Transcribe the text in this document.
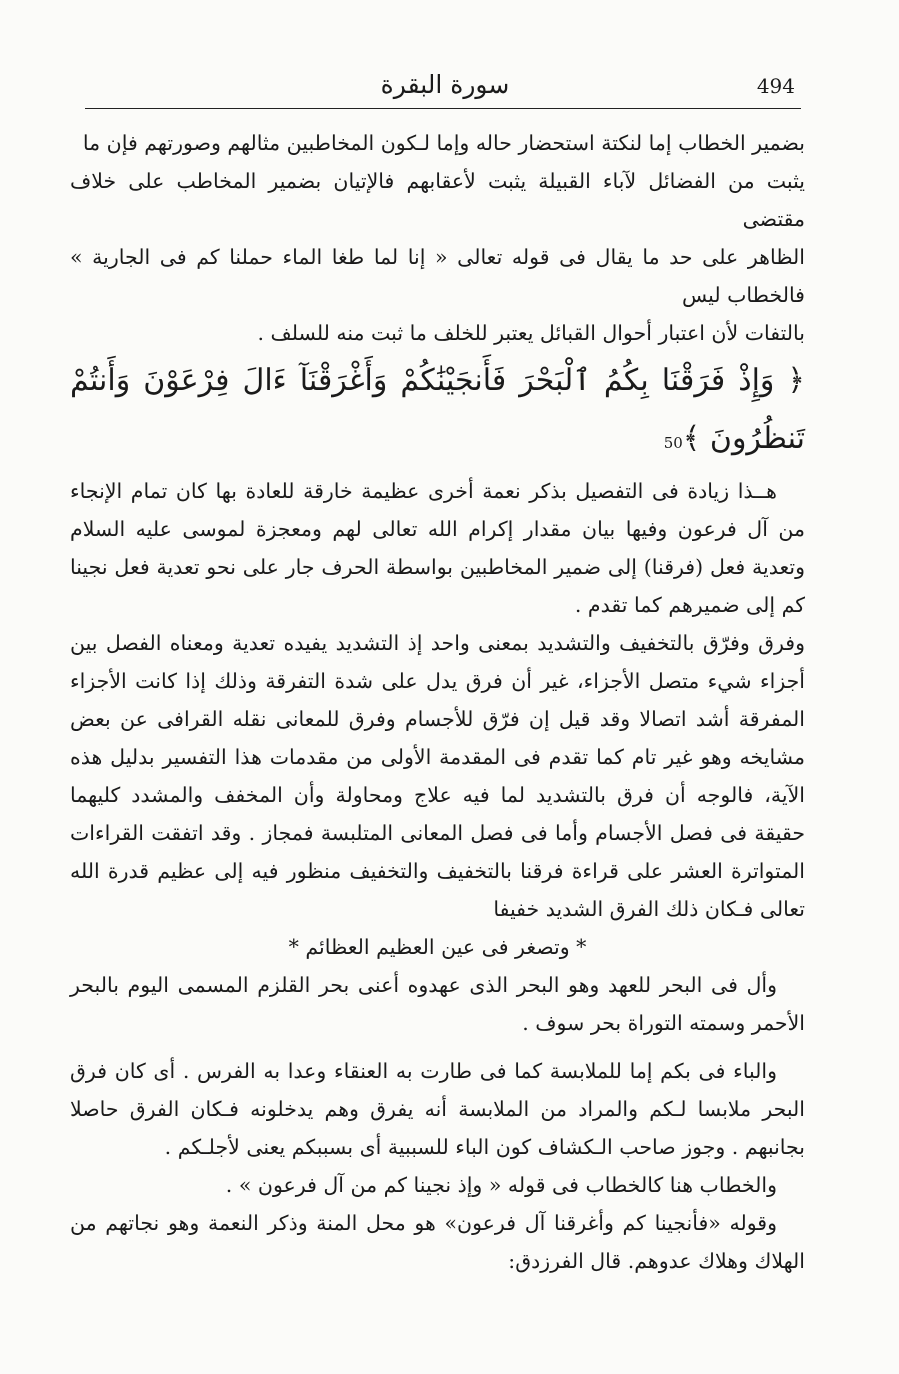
سورة البقرة	494

بضمير الخطاب إما لنكتة استحضار حاله وإما لـكون المخاطبين مثالهم وصورتهم فإن ما

يثبت من الفضائل لآباء القبيلة يثبت لأعقابهم فالإتيان بضمير المخاطب على خلاف مقتضى

الظاهر على حد ما يقال فى قوله تعالى « إنا لما طغا الماء حملنا كم فى الجارية » فالخطاب ليس

بالتفات لأن اعتبار أحوال القبائل يعتبر للخلف ما ثبت منه للسلف .

﴿ وَإِذْ فَرَقْنَا بِكُمُ ٱلْبَحْرَ فَأَنجَيْنَٰكُمْ وَأَغْرَقْنَآ ءَالَ فِرْعَوْنَ وَأَنتُمْ تَنظُرُونَ ﴾50

هــذا زيادة فى التفصيل بذكر نعمة أخرى عظيمة خارقة للعادة بها كان تمام الإنجاء من آل فرعون وفيها بيان مقدار إكرام الله تعالى لهم ومعجزة لموسى عليه السلام وتعدية فعل (فرقنا) إلى ضمير المخاطبين بواسطة الحرف جار على نحو تعدية فعل نجينا كم إلى ضميرهم كما تقدم .

وفرق وفرّق بالتخفيف والتشديد بمعنى واحد إذ التشديد يفيده تعدية ومعناه الفصل بين أجزاء شيء متصل الأجزاء، غير أن فرق يدل على شدة التفرقة وذلك إذا كانت الأجزاء المفرقة أشد اتصالا وقد قيل إن فرّق للأجسام وفرق للمعانى نقله القرافى عن بعض مشايخه وهو غير تام كما تقدم فى المقدمة الأولى من مقدمات هذا التفسير بدليل هذه الآية، فالوجه أن فرق بالتشديد لما فيه علاج ومحاولة وأن المخفف والمشدد كليهما حقيقة فى فصل الأجسام وأما فى فصل المعانى المتلبسة فمجاز . وقد اتفقت القراءات المتواترة العشر على قراءة فرقنا بالتخفيف والتخفيف منظور فيه إلى عظيم قدرة الله تعالى فـكان ذلك الفرق الشديد خفيفا

* وتصغر فى عين العظيم العظائم *

وأل فى البحر للعهد وهو البحر الذى عهدوه أعنى بحر القلزم المسمى اليوم بالبحر الأحمر وسمته التوراة بحر سوف .

والباء فى بكم إما للملابسة كما فى طارت به العنقاء وعدا به الفرس . أى كان فرق البحر ملابسا لـكم والمراد من الملابسة أنه يفرق وهم يدخلونه فـكان الفرق حاصلا بجانبهم . وجوز صاحب الـكشاف كون الباء للسببية أى بسببكم يعنى لأجلـكم .

والخطاب هنا كالخطاب فى قوله « وإذ نجينا كم من آل فرعون » .

وقوله «فأنجينا كم وأغرقنا آل فرعون» هو محل المنة وذكر النعمة وهو نجاتهم من الهلاك وهلاك عدوهم. قال الفرزدق:
